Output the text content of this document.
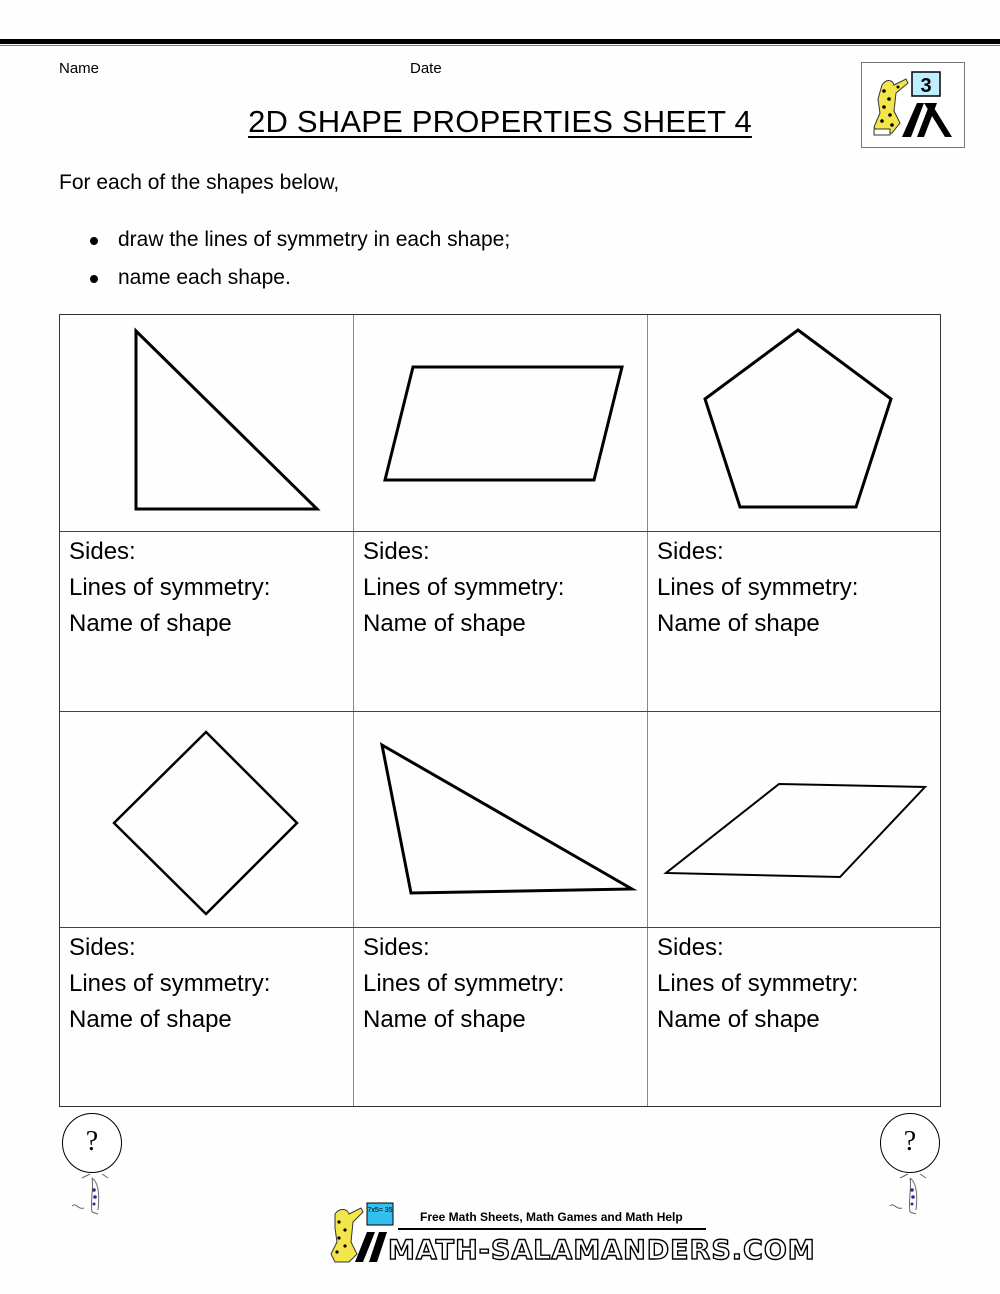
Name	Date
2D SHAPE PROPERTIES SHEET 4
3
For each of the shapes below,
draw the lines of symmetry in each shape;
name each shape.
Sides:
Lines of symmetry:
Name of shape
Sides:
Lines of symmetry:
Name of shape
Sides:
Lines of symmetry:
Name of shape
Sides:
Lines of symmetry:
Name of shape
Sides:
Lines of symmetry:
Name of shape
Sides:
Lines of symmetry:
Name of shape
?	?
7x5= 35 Free Math Sheets, Math Games and Math Help
MATH-SALAMANDERS.COM
